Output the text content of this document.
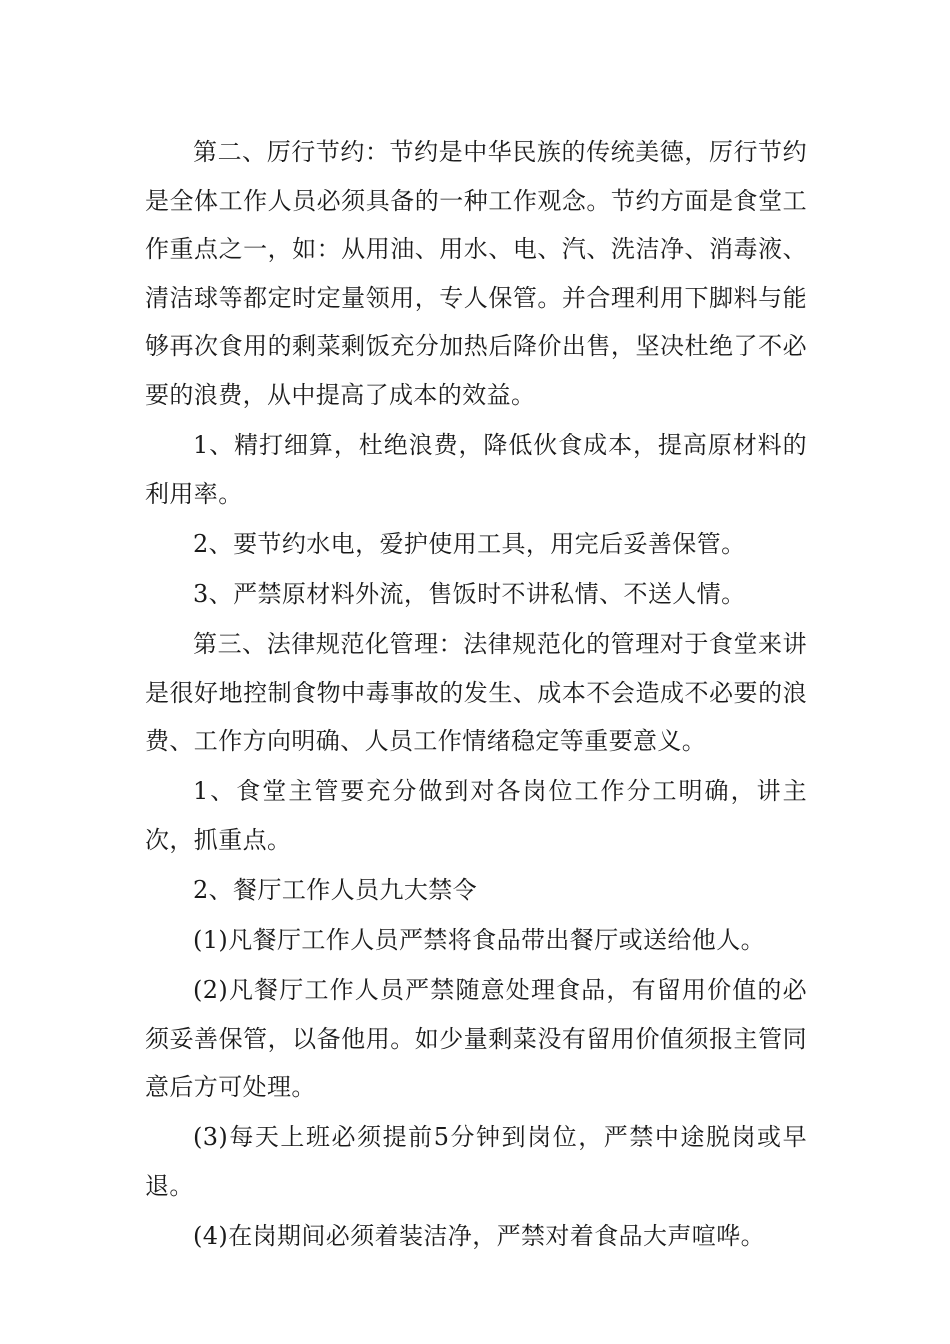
第二、厉行节约：节约是中华民族的传统美德，厉行节约是全体工作人员必须具备的一种工作观念。节约方面是食堂工作重点之一，如：从用油、用水、电、汽、洗洁净、消毒液、清洁球等都定时定量领用，专人保管。并合理利用下脚料与能够再次食用的剩菜剩饭充分加热后降价出售，坚决杜绝了不必要的浪费，从中提高了成本的效益。

1、精打细算，杜绝浪费，降低伙食成本，提高原材料的利用率。

2、要节约水电，爱护使用工具，用完后妥善保管。

3、严禁原材料外流，售饭时不讲私情、不送人情。

第三、法律规范化管理：法律规范化的管理对于食堂来讲是很好地控制食物中毒事故的发生、成本不会造成不必要的浪费、工作方向明确、人员工作情绪稳定等重要意义。

1、食堂主管要充分做到对各岗位工作分工明确，讲主次，抓重点。

2、餐厅工作人员九大禁令

(1)凡餐厅工作人员严禁将食品带出餐厅或送给他人。

(2)凡餐厅工作人员严禁随意处理食品，有留用价值的必须妥善保管，以备他用。如少量剩菜没有留用价值须报主管同意后方可处理。

(3)每天上班必须提前5分钟到岗位，严禁中途脱岗或早退。

(4)在岗期间必须着装洁净，严禁对着食品大声喧哗。
